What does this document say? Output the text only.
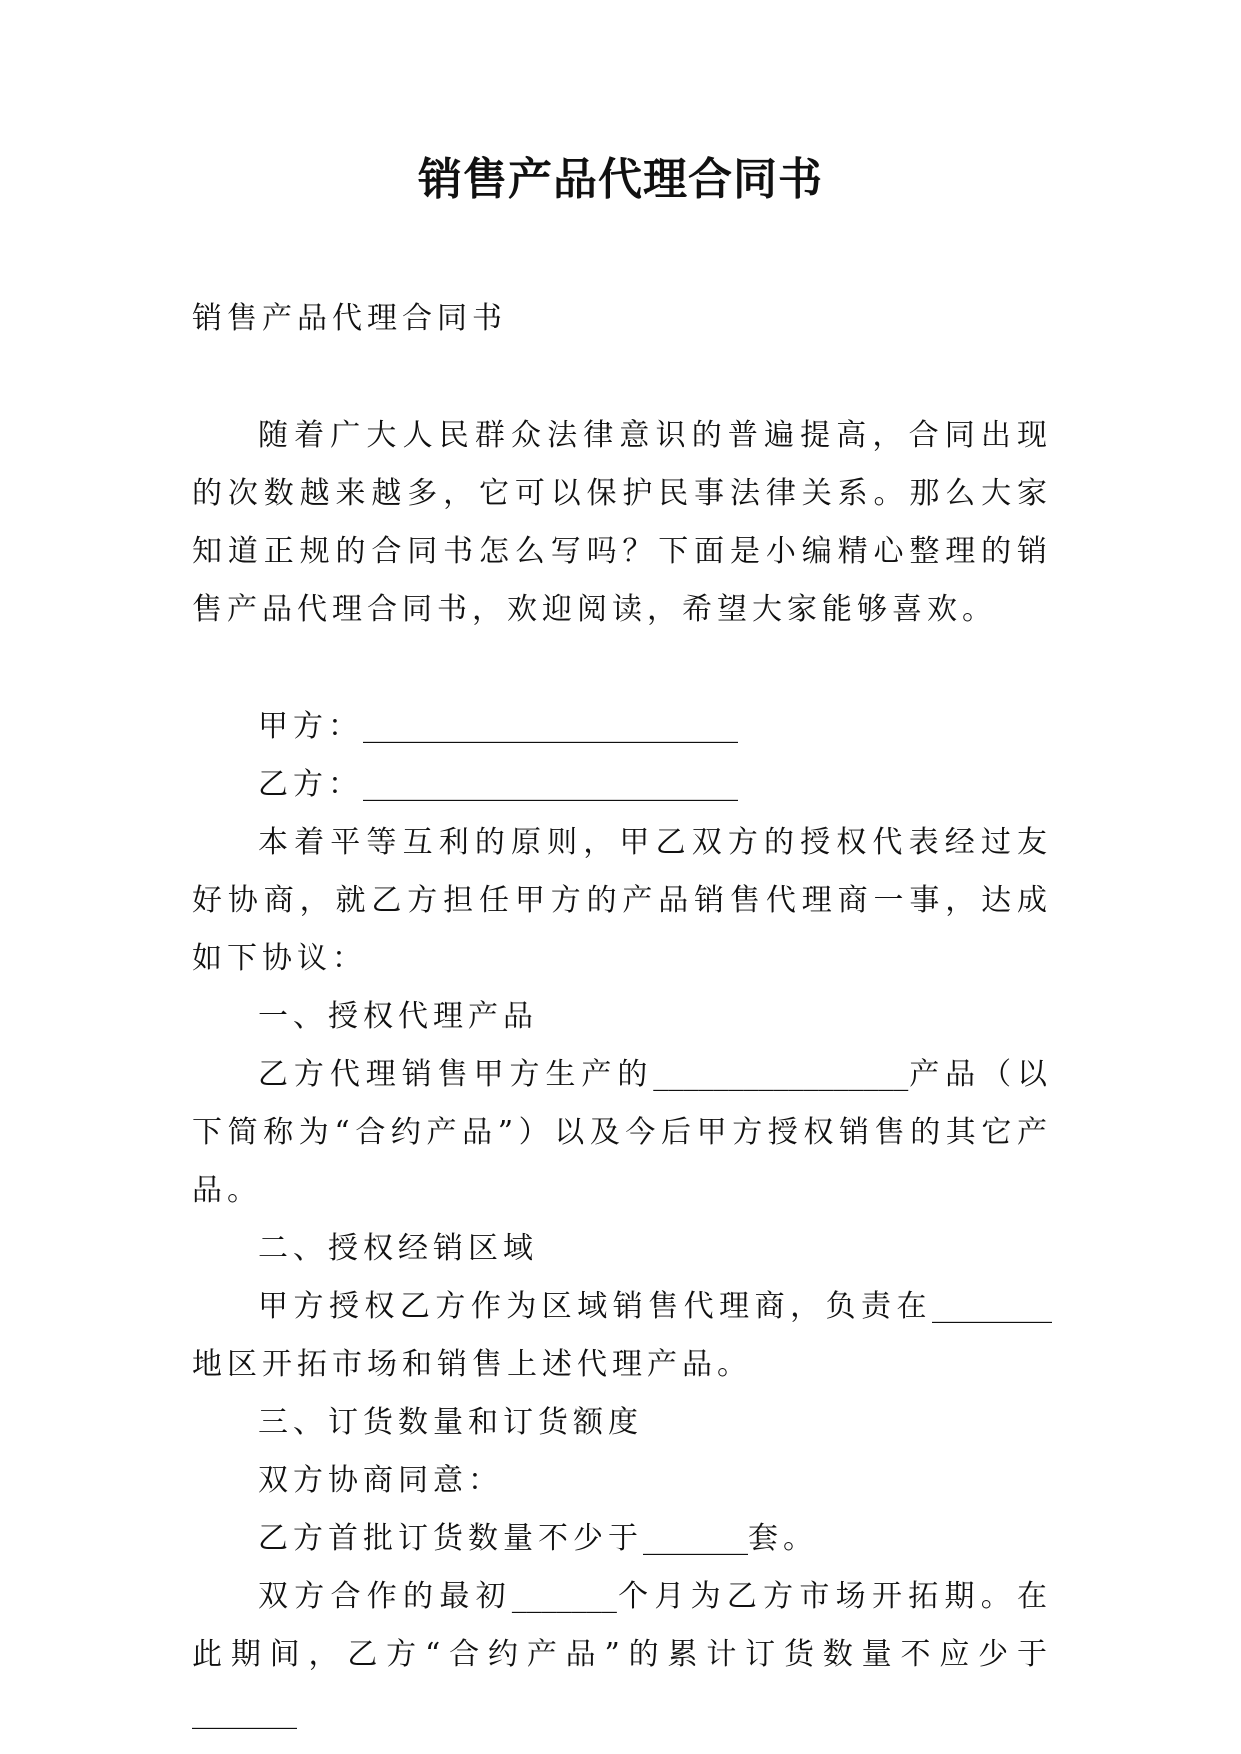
销售产品代理合同书

销售产品代理合同书

随着广大人民群众法律意识的普遍提高，合同出现的次数越来越多，它可以保护民事法律关系。那么大家知道正规的合同书怎么写吗？下面是小编精心整理的销售产品代理合同书，欢迎阅读，希望大家能够喜欢。

甲方：_________________________

乙方：_________________________

本着平等互利的原则，甲乙双方的授权代表经过友好协商，就乙方担任甲方的产品销售代理商一事，达成如下协议：

一、授权代理产品

乙方代理销售甲方生产的_________________产品（以下简称为“合约产品”）以及今后甲方授权销售的其它产品。

二、授权经销区域

甲方授权乙方作为区域销售代理商，负责在________地区开拓市场和销售上述代理产品。

三、订货数量和订货额度

双方协商同意：

乙方首批订货数量不少于_______套。

双方合作的最初_______个月为乙方市场开拓期。在此期间，乙方“合约产品”的累计订货数量不应少于_______
